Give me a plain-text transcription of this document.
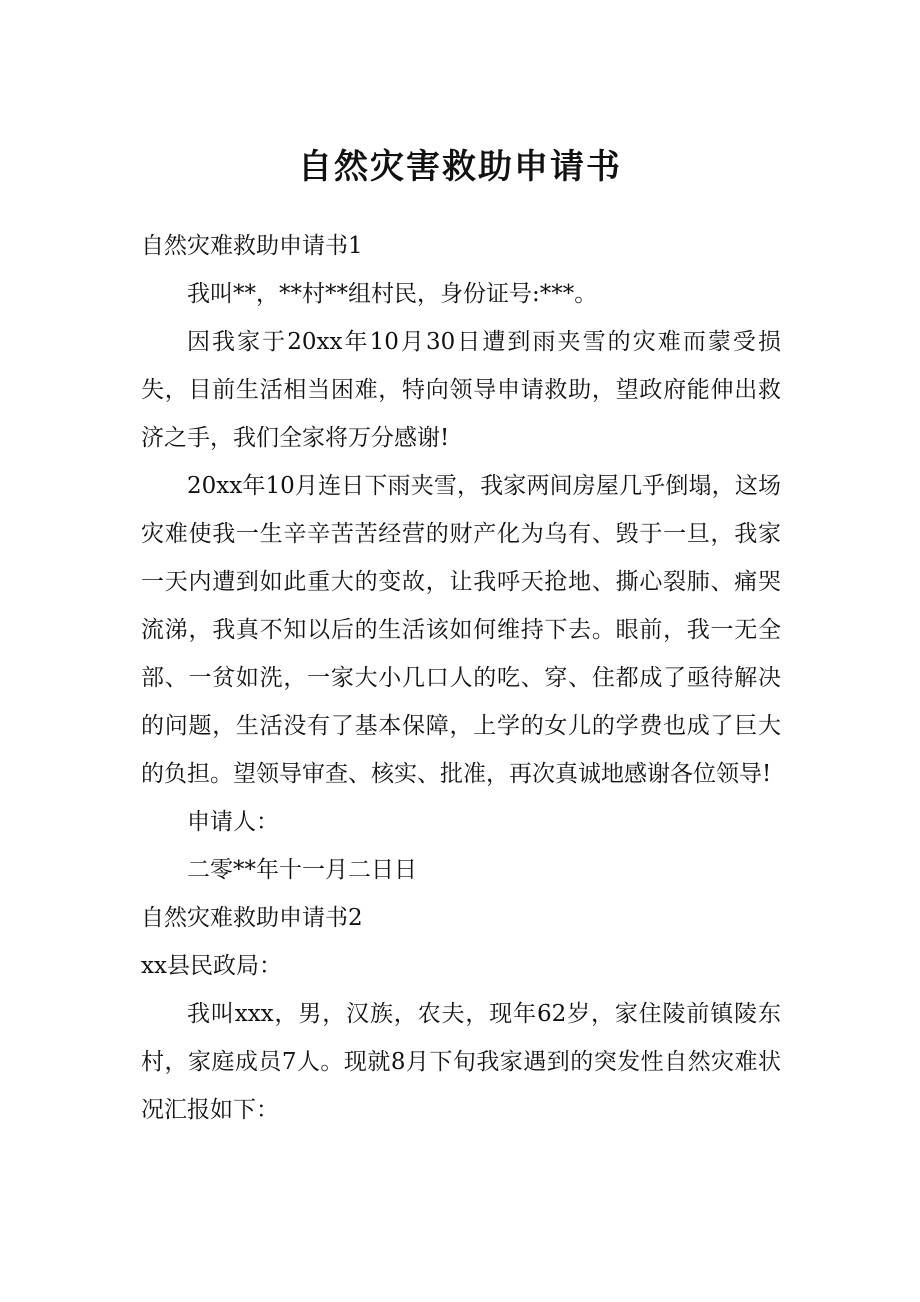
自然灾害救助申请书

自然灾难救助申请书1

我叫**，**村**组村民，身份证号:***。

因我家于20xx年10月30日遭到雨夹雪的灾难而蒙受损失，目前生活相当困难，特向领导申请救助，望政府能伸出救济之手，我们全家将万分感谢!

20xx年10月连日下雨夹雪，我家两间房屋几乎倒塌，这场灾难使我一生辛辛苦苦经营的财产化为乌有、毁于一旦，我家一天内遭到如此重大的变故，让我呼天抢地、撕心裂肺、痛哭流涕，我真不知以后的生活该如何维持下去。眼前，我一无全部、一贫如洗，一家大小几口人的吃、穿、住都成了亟待解决的问题，生活没有了基本保障，上学的女儿的学费也成了巨大的负担。望领导审查、核实、批准，再次真诚地感谢各位领导!

申请人：

二零**年十一月二日日

自然灾难救助申请书2

xx县民政局：

我叫xxx，男，汉族，农夫，现年62岁，家住陵前镇陵东村，家庭成员7人。现就8月下旬我家遇到的突发性自然灾难状况汇报如下：
